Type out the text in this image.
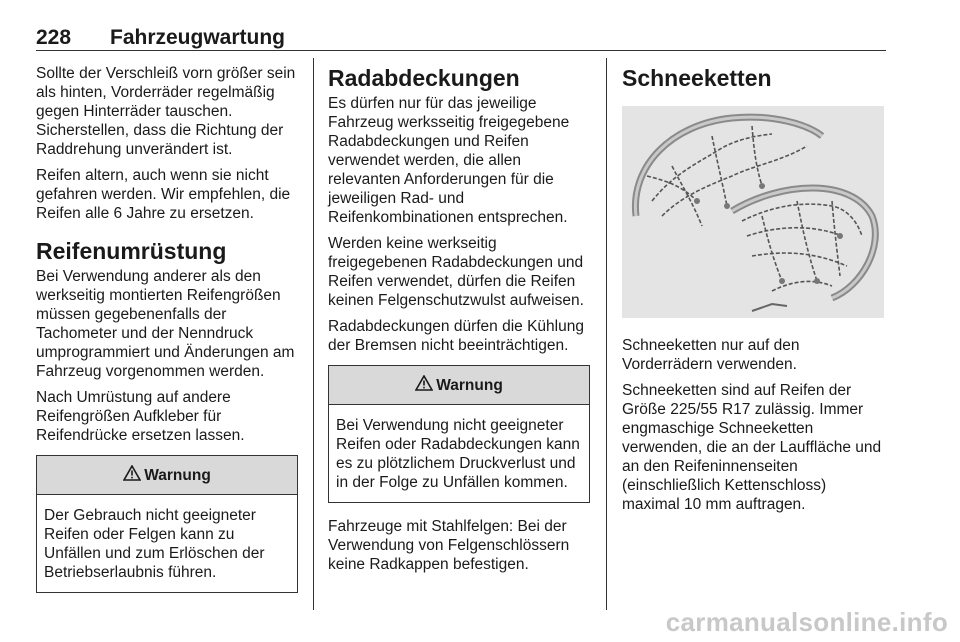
228 Fahrzeugwartung

Sollte der Verschleiß vorn größer sein als hinten, Vorderräder regelmäßig gegen Hinterräder tauschen. Sicherstellen, dass die Richtung der Raddrehung unverändert ist.

Reifen altern, auch wenn sie nicht gefahren werden. Wir empfehlen, die Reifen alle 6 Jahre zu ersetzen.

Reifenumrüstung

Bei Verwendung anderer als den werkseitig montierten Reifengrößen müssen gegebenenfalls der Tachometer und der Nenndruck umprogrammiert und Änderungen am Fahrzeug vorgenommen werden.

Nach Umrüstung auf andere Reifengrößen Aufkleber für Reifendrücke ersetzen lassen.

Warnung
Der Gebrauch nicht geeigneter Reifen oder Felgen kann zu Unfällen und zum Erlöschen der Betriebserlaubnis führen.
Radabdeckungen

Es dürfen nur für das jeweilige Fahrzeug werksseitig freigegebene Radabdeckungen und Reifen verwendet werden, die allen relevanten Anforderungen für die jeweiligen Rad- und Reifenkombinationen entsprechen.

Werden keine werkseitig freigegebenen Radabdeckungen und Reifen verwendet, dürfen die Reifen keinen Felgenschutzwulst aufweisen.

Radabdeckungen dürfen die Kühlung der Bremsen nicht beeinträchtigen.

Warnung
Bei Verwendung nicht geeigneter Reifen oder Radabdeckungen kann es zu plötzlichem Druckverlust und in der Folge zu Unfällen kommen.

Fahrzeuge mit Stahlfelgen: Bei der Verwendung von Felgenschlössern keine Radkappen befestigen.

Schneeketten

Schneeketten nur auf den Vorderrädern verwenden.

Schneeketten sind auf Reifen der Größe 225/55 R17 zulässig. Immer engmaschige Schneeketten verwenden, die an der Lauffläche und an den Reifeninnenseiten (einschließlich Kettenschloss) maximal 10 mm auftragen.

carmanualsonline.info
